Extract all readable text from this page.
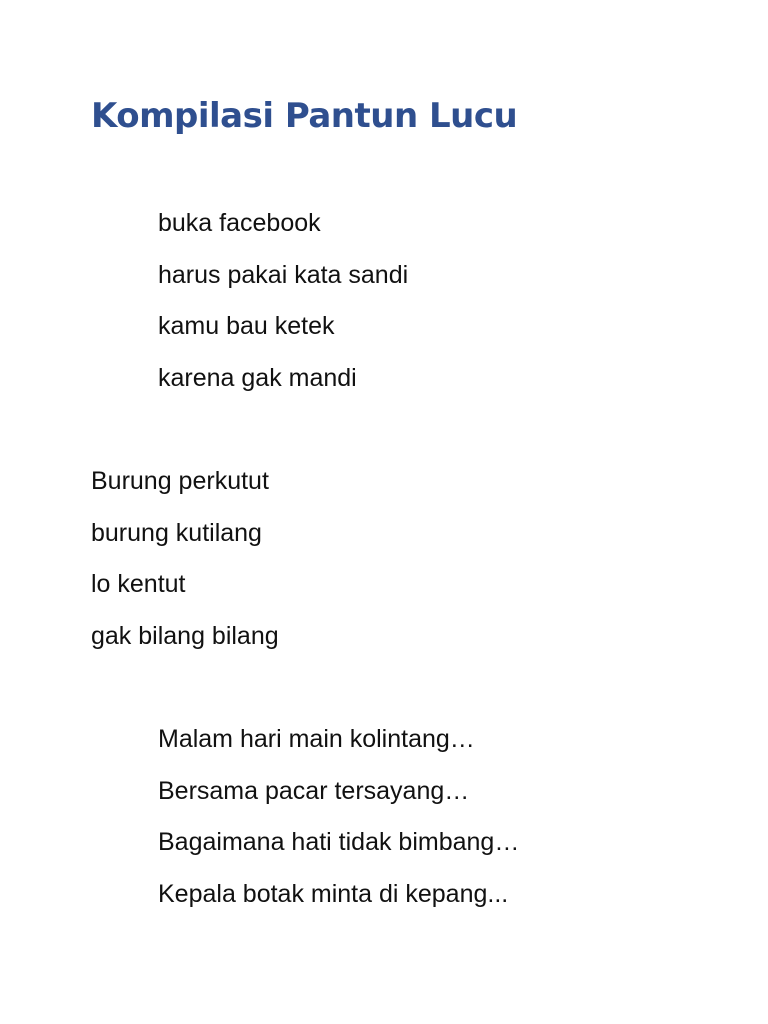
Kompilasi Pantun Lucu
buka facebook
harus pakai kata sandi
kamu bau ketek
karena gak mandi
Burung perkutut
burung kutilang
lo kentut
gak bilang bilang
Malam hari main kolintang…
Bersama pacar tersayang…
Bagaimana hati tidak bimbang…
Kepala botak minta di kepang...
